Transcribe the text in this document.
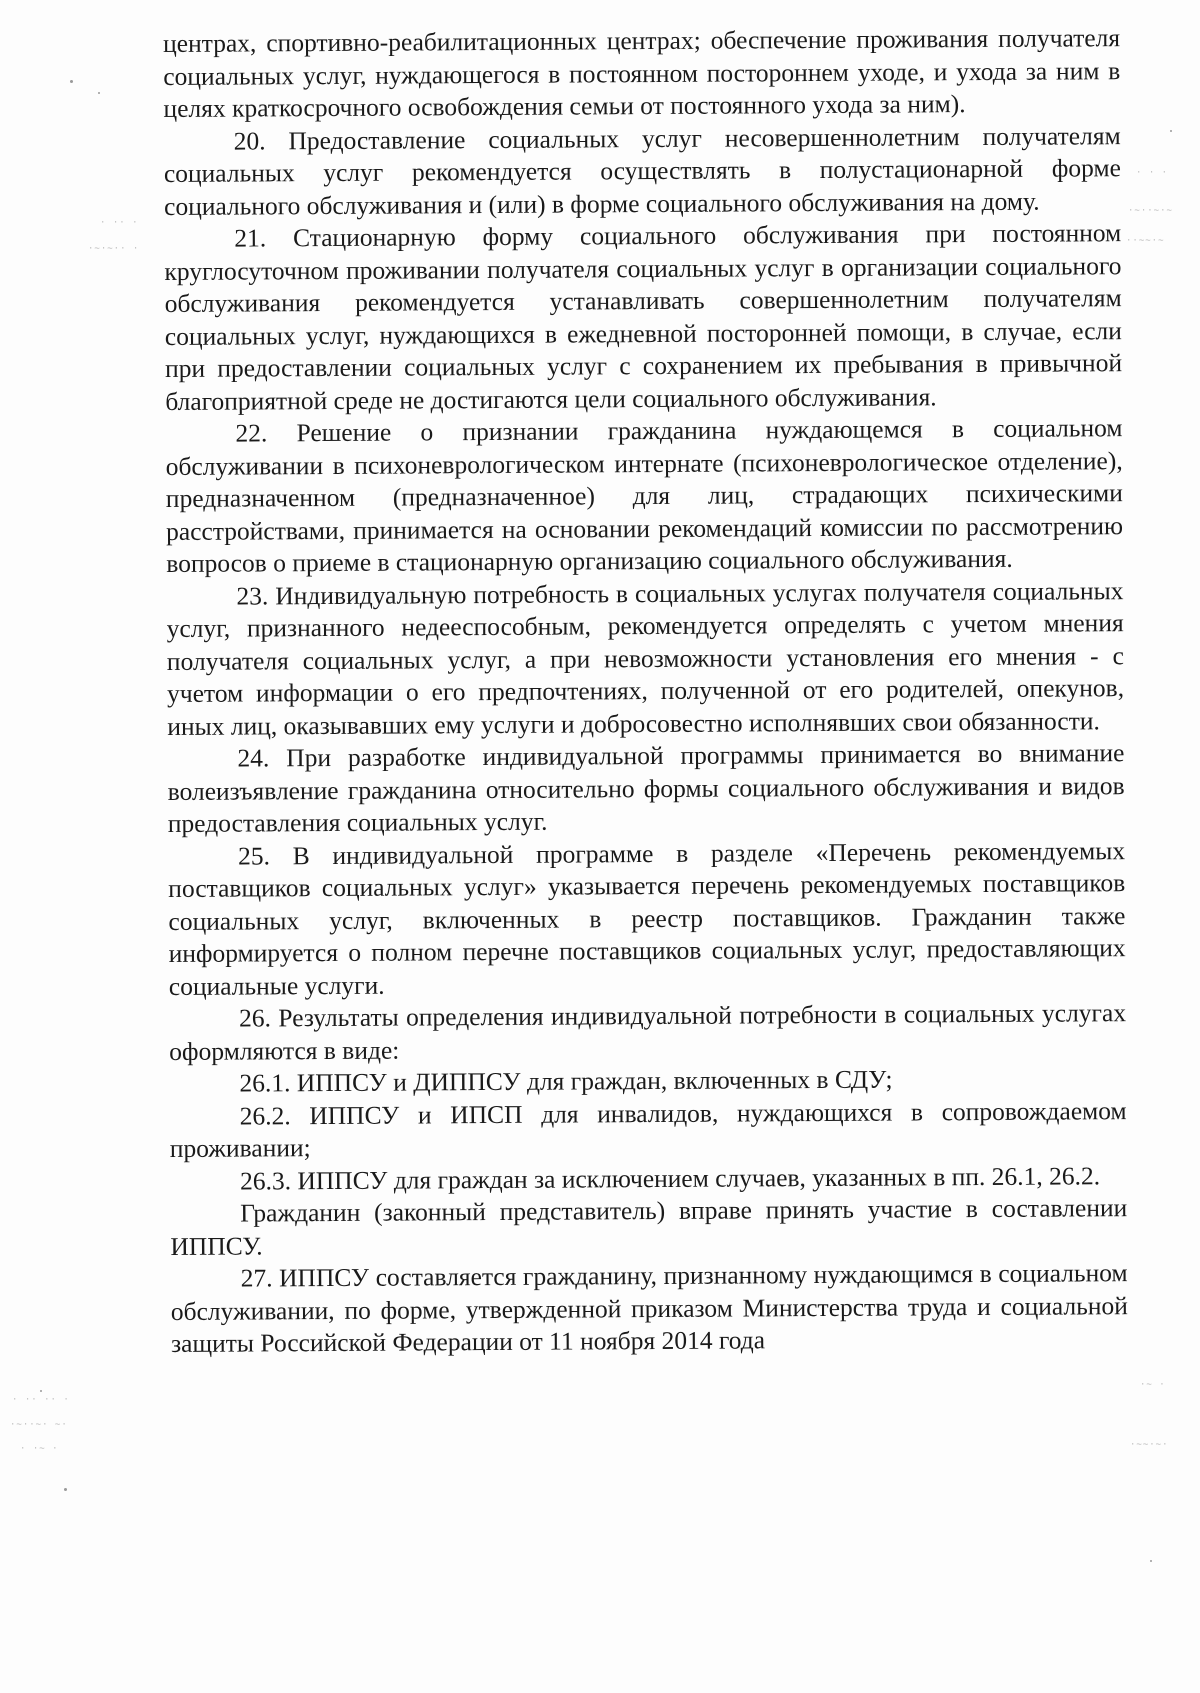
· ·· ·
·~·~·· ·
· · ·
·~··~·~
··~~·~
· ·· ·· ·
·~··~· ~·
· ·~ ·
·~ ·
·~~·~·

центрах, спортивно-реабилитационных центрах; обеспечение проживания получателя социальных услуг, нуждающегося в постоянном постороннем уходе, и ухода за ним в целях краткосрочного освобождения семьи от постоянного ухода за ним).

20. Предоставление социальных услуг несовершеннолетним получателям социальных услуг рекомендуется осуществлять в полустационарной форме социального обслуживания и (или) в форме социального обслуживания на дому.

21. Стационарную форму социального обслуживания при постоянном круглосуточном проживании получателя социальных услуг в организации социального обслуживания рекомендуется устанавливать совершеннолетним получателям социальных услуг, нуждающихся в ежедневной посторонней помощи, в случае, если при предоставлении социальных услуг с сохранением их пребывания в привычной благоприятной среде не достигаются цели социального обслуживания.

22. Решение о признании гражданина нуждающемся в социальном обслуживании в психоневрологическом интернате (психоневрологическое отделение), предназначенном (предназначенное) для лиц, страдающих психическими расстройствами, принимается на основании рекомендаций комиссии по рассмотрению вопросов о приеме в стационарную организацию социального обслуживания.

23. Индивидуальную потребность в социальных услугах получателя социальных услуг, признанного недееспособным, рекомендуется определять с учетом мнения получателя социальных услуг, а при невозможности установления его мнения - с учетом информации о его предпочтениях, полученной от его родителей, опекунов, иных лиц, оказывавших ему услуги и добросовестно исполнявших свои обязанности.

24. При разработке индивидуальной программы принимается во внимание волеизъявление гражданина относительно формы социального обслуживания и видов предоставления социальных услуг.

25. В индивидуальной программе в разделе «Перечень рекомендуемых поставщиков социальных услуг» указывается перечень рекомендуемых поставщиков социальных услуг, включенных в реестр поставщиков. Гражданин также информируется о полном перечне поставщиков социальных услуг, предоставляющих социальные услуги.

26. Результаты определения индивидуальной потребности в социальных услугах оформляются в виде:

26.1. ИППСУ и ДИППСУ для граждан, включенных в СДУ;

26.2. ИППСУ и ИПСП для инвалидов, нуждающихся в сопровождаемом проживании;

26.3. ИППСУ для граждан за исключением случаев, указанных в пп. 26.1, 26.2.

Гражданин (законный представитель) вправе принять участие в составлении ИППСУ.

27. ИППСУ составляется гражданину, признанному нуждающимся в социальном обслуживании, по форме, утвержденной приказом Министерства труда и социальной защиты Российской Федерации от 11 ноября 2014 года
